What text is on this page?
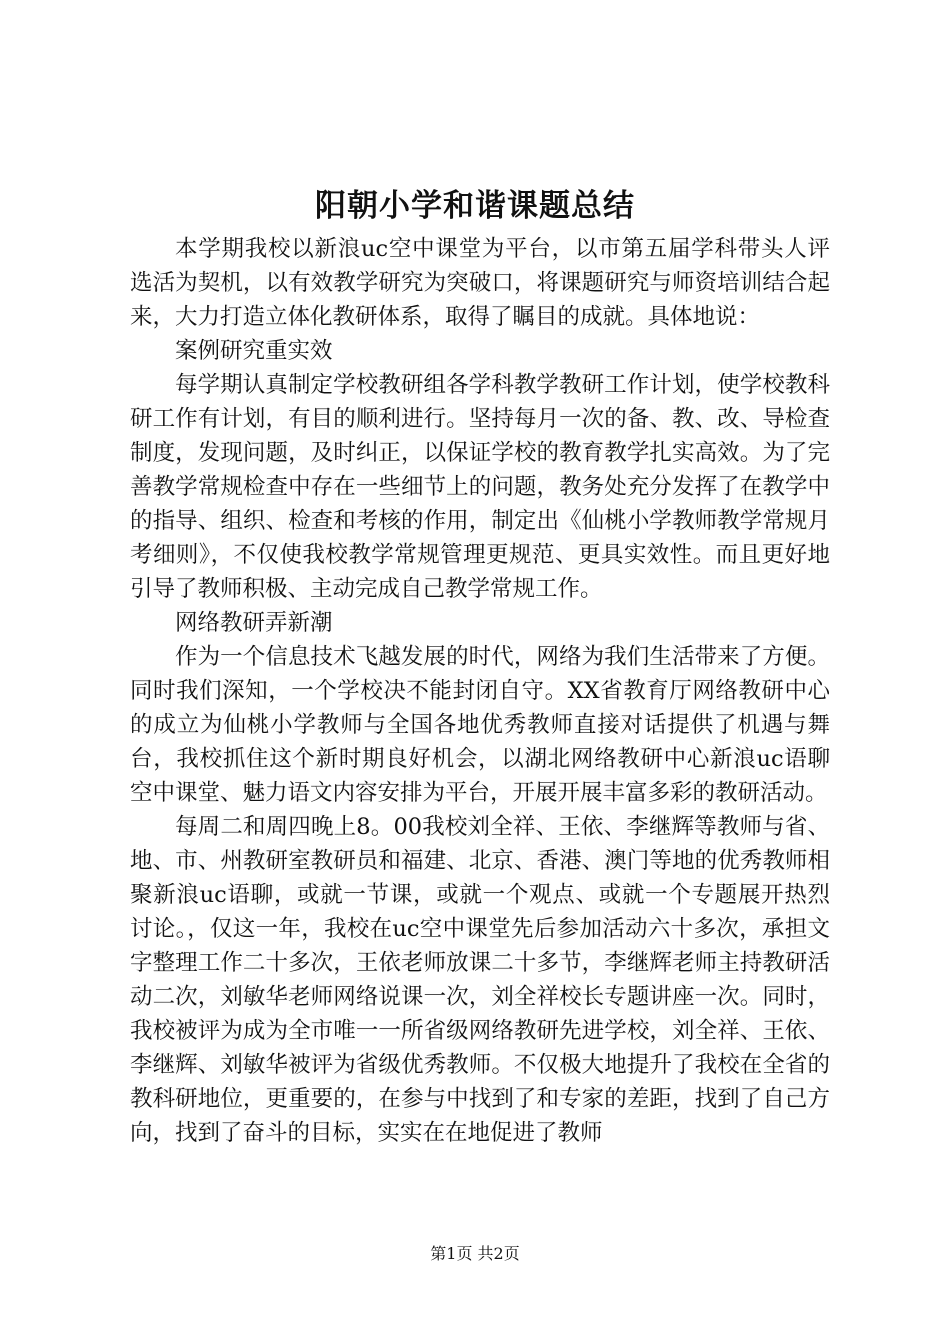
阳朝小学和谐课题总结

本学期我校以新浪uc空中课堂为平台，以市第五届学科带头人评选活为契机，以有效教学研究为突破口，将课题研究与师资培训结合起来，大力打造立体化教研体系，取得了瞩目的成就。具体地说：

案例研究重实效

每学期认真制定学校教研组各学科教学教研工作计划，使学校教科研工作有计划，有目的顺利进行。坚持每月一次的备、教、改、导检查制度，发现问题，及时纠正，以保证学校的教育教学扎实高效。为了完善教学常规检查中存在一些细节上的问题，教务处充分发挥了在教学中的指导、组织、检查和考核的作用，制定出《仙桃小学教师教学常规月考细则》，不仅使我校教学常规管理更规范、更具实效性。而且更好地引导了教师积极、主动完成自己教学常规工作。

网络教研弄新潮

作为一个信息技术飞越发展的时代，网络为我们生活带来了方便。同时我们深知，一个学校决不能封闭自守。XX省教育厅网络教研中心的成立为仙桃小学教师与全国各地优秀教师直接对话提供了机遇与舞台，我校抓住这个新时期良好机会，以湖北网络教研中心新浪uc语聊空中课堂、魅力语文内容安排为平台，开展开展丰富多彩的教研活动。

每周二和周四晚上8。00我校刘全祥、王依、李继辉等教师与省、地、市、州教研室教研员和福建、北京、香港、澳门等地的优秀教师相聚新浪uc语聊，或就一节课，或就一个观点、或就一个专题展开热烈讨论。，仅这一年，我校在uc空中课堂先后参加活动六十多次，承担文字整理工作二十多次，王依老师放课二十多节，李继辉老师主持教研活动二次，刘敏华老师网络说课一次，刘全祥校长专题讲座一次。同时，我校被评为成为全市唯一一所省级网络教研先进学校，刘全祥、王依、李继辉、刘敏华被评为省级优秀教师。不仅极大地提升了我校在全省的教科研地位，更重要的，在参与中找到了和专家的差距，找到了自己方向，找到了奋斗的目标，实实在在地促进了教师

第1页 共2页
